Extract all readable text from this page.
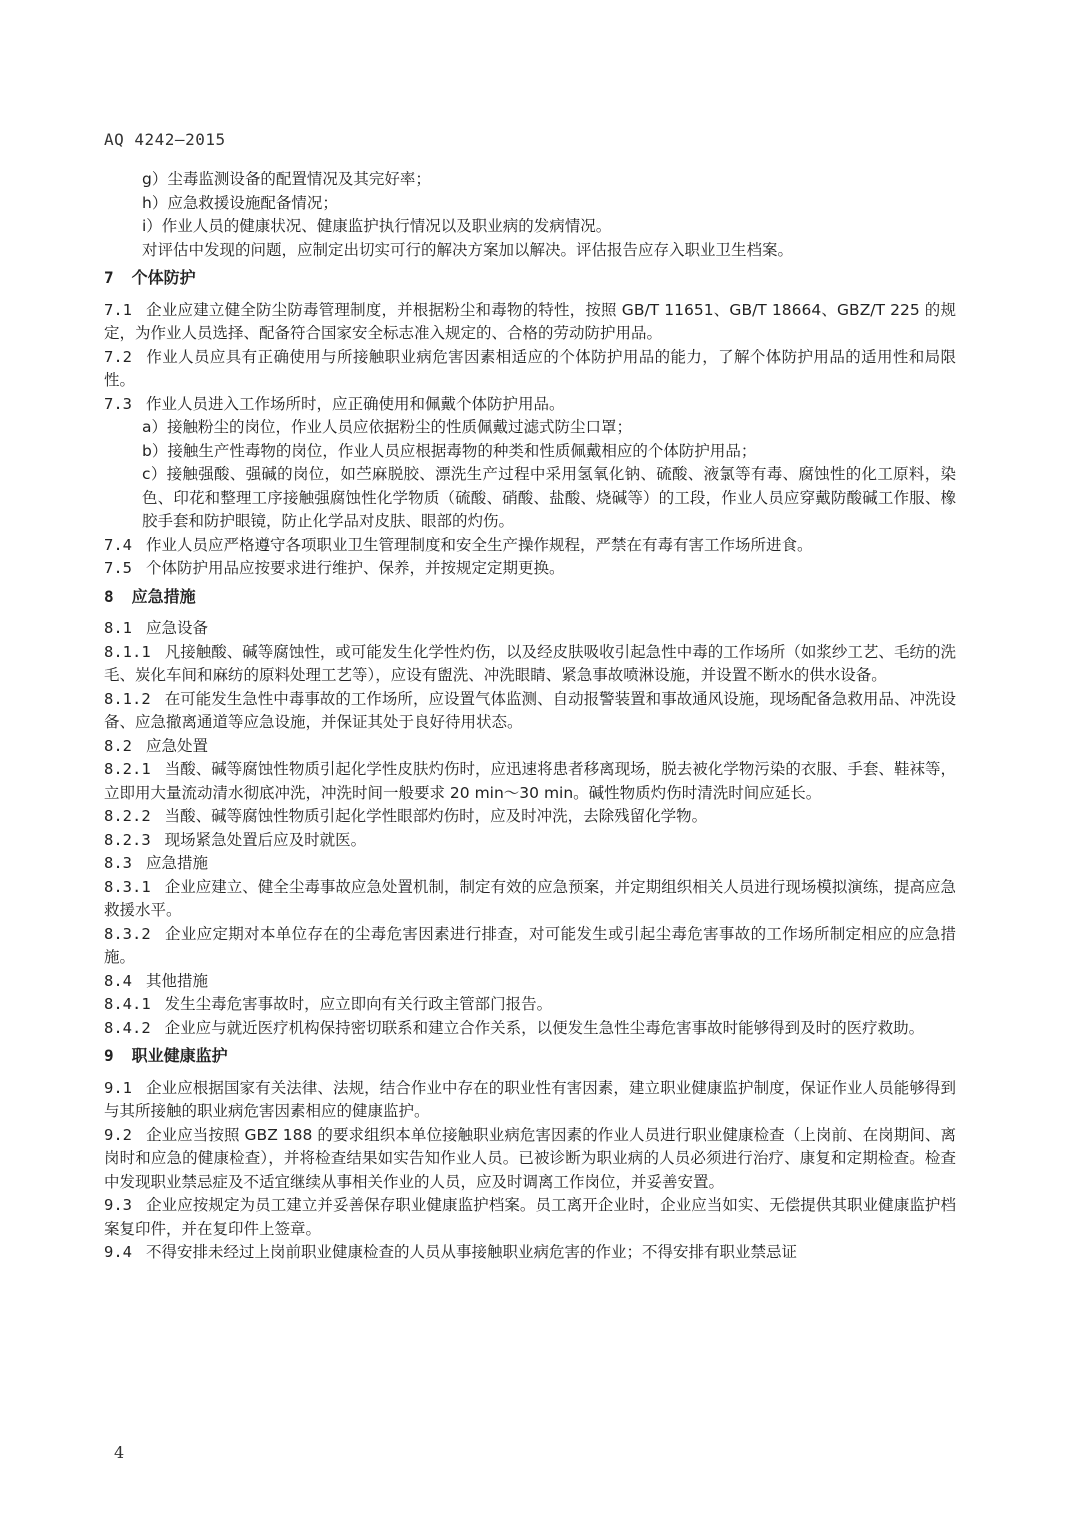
AQ 4242—2015
g）尘毒监测设备的配置情况及其完好率；
h）应急救援设施配备情况；
i）作业人员的健康状况、健康监护执行情况以及职业病的发病情况。
对评估中发现的问题，应制定出切实可行的解决方案加以解决。评估报告应存入职业卫生档案。
7 个体防护
7.1 企业应建立健全防尘防毒管理制度，并根据粉尘和毒物的特性，按照 GB/T 11651、GB/T 18664、GBZ/T 225 的规定，为作业人员选择、配备符合国家安全标志准入规定的、合格的劳动防护用品。
7.2 作业人员应具有正确使用与所接触职业病危害因素相适应的个体防护用品的能力，了解个体防护用品的适用性和局限性。
7.3 作业人员进入工作场所时，应正确使用和佩戴个体防护用品。
a）接触粉尘的岗位，作业人员应依据粉尘的性质佩戴过滤式防尘口罩；
b）接触生产性毒物的岗位，作业人员应根据毒物的种类和性质佩戴相应的个体防护用品；
c）接触强酸、强碱的岗位，如苎麻脱胶、漂洗生产过程中采用氢氧化钠、硫酸、液氯等有毒、腐蚀性的化工原料，染色、印花和整理工序接触强腐蚀性化学物质（硫酸、硝酸、盐酸、烧碱等）的工段，作业人员应穿戴防酸碱工作服、橡胶手套和防护眼镜，防止化学品对皮肤、眼部的灼伤。
7.4 作业人员应严格遵守各项职业卫生管理制度和安全生产操作规程，严禁在有毒有害工作场所进食。
7.5 个体防护用品应按要求进行维护、保养，并按规定定期更换。
8 应急措施
8.1 应急设备
8.1.1 凡接触酸、碱等腐蚀性，或可能发生化学性灼伤，以及经皮肤吸收引起急性中毒的工作场所（如浆纱工艺、毛纺的洗毛、炭化车间和麻纺的原料处理工艺等），应设有盥洗、冲洗眼睛、紧急事故喷淋设施，并设置不断水的供水设备。
8.1.2 在可能发生急性中毒事故的工作场所，应设置气体监测、自动报警装置和事故通风设施，现场配备急救用品、冲洗设备、应急撤离通道等应急设施，并保证其处于良好待用状态。
8.2 应急处置
8.2.1 当酸、碱等腐蚀性物质引起化学性皮肤灼伤时，应迅速将患者移离现场，脱去被化学物污染的衣服、手套、鞋袜等，立即用大量流动清水彻底冲洗，冲洗时间一般要求 20 min～30 min。碱性物质灼伤时清洗时间应延长。
8.2.2 当酸、碱等腐蚀性物质引起化学性眼部灼伤时，应及时冲洗，去除残留化学物。
8.2.3 现场紧急处置后应及时就医。
8.3 应急措施
8.3.1 企业应建立、健全尘毒事故应急处置机制，制定有效的应急预案，并定期组织相关人员进行现场模拟演练，提高应急救援水平。
8.3.2 企业应定期对本单位存在的尘毒危害因素进行排查，对可能发生或引起尘毒危害事故的工作场所制定相应的应急措施。
8.4 其他措施
8.4.1 发生尘毒危害事故时，应立即向有关行政主管部门报告。
8.4.2 企业应与就近医疗机构保持密切联系和建立合作关系，以便发生急性尘毒危害事故时能够得到及时的医疗救助。
9 职业健康监护
9.1 企业应根据国家有关法律、法规，结合作业中存在的职业性有害因素，建立职业健康监护制度，保证作业人员能够得到与其所接触的职业病危害因素相应的健康监护。
9.2 企业应当按照 GBZ 188 的要求组织本单位接触职业病危害因素的作业人员进行职业健康检查（上岗前、在岗期间、离岗时和应急的健康检查），并将检查结果如实告知作业人员。已被诊断为职业病的人员必须进行治疗、康复和定期检查。检查中发现职业禁忌症及不适宜继续从事相关作业的人员，应及时调离工作岗位，并妥善安置。
9.3 企业应按规定为员工建立并妥善保存职业健康监护档案。员工离开企业时，企业应当如实、无偿提供其职业健康监护档案复印件，并在复印件上签章。
9.4 不得安排未经过上岗前职业健康检查的人员从事接触职业病危害的作业；不得安排有职业禁忌证
4
